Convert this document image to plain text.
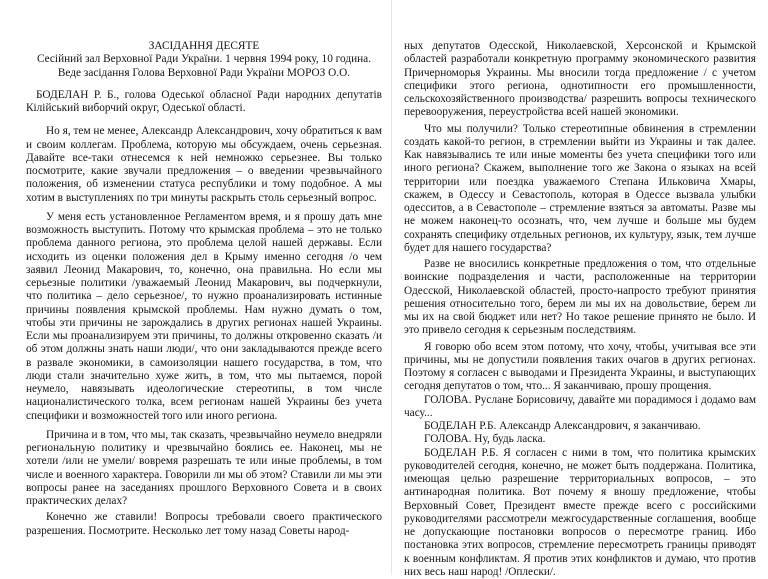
ЗАСІДАННЯ ДЕСЯТЕ

Сесійний зал Верховної Ради України. 1 червня 1994 року, 10 година.

Веде засідання Голова Верховної Ради України МОРОЗ О.О.

БОДЕЛАН Р. Б., голова Одеської обласної Ради народних депутатів Кілійський виборчий округ, Одеської області.

Но я, тем не менее, Александр Александрович, хочу обратиться к вам и своим коллегам. Проблема, которую мы обсуждаем, очень серьезная. Давайте все-таки отнесемся к ней немножко серьезнее. Вы только посмотрите, какие звучали предложения – о введении чрезвычайного положения, об изменении статуса республики и тому подобное. А мы хотим в выступлениях по три минуты раскрыть столь серьезный вопрос.

У меня есть установленное Регламентом время, и я прошу дать мне возможность выступить. Потому что крымская проблема – это не только проблема данного региона, это проблема целой нашей державы. Если исходить из оценки положения дел в Крыму именно сегодня /о чем заявил Леонид Макарович, то, конечно, она правильна. Но если мы серьезные политики /уважаемый Леонид Макарович, вы подчеркнули, что политика – дело серьезное/, то нужно проанализировать истинные причины появления крымской проблемы. Нам нужно думать о том, чтобы эти причины не зарождались в других регионах нашей Украины. Если мы проанализируем эти причины, то должны откровенно сказать /и об этом должны знать наши люди/, что они закладываются прежде всего в развале экономики, в самоизоляции нашего государства, в том, что люди стали значительно хуже жить, в том, что мы пытаемся, порой неумело, навязывать идеологические стереотипы, в том числе националистического толка, всем регионам нашей Украины без учета специфики и возможностей того или иного региона.

Причина и в том, что мы, так сказать, чрезвычайно неумело внедряли региональную политику и чрезвычайно боялись ее. Наконец, мы не хотели /или не умели/ вовремя разрешать те или иные проблемы, в том числе и военного характера. Говорили ли мы об этом? Ставили ли мы эти вопросы ранее на заседаниях прошлого Верховного Совета и в своих практических делах?

Конечно же ставили! Вопросы требовали своего практического разрешения. Посмотрите. Несколько лет тому назад Советы народ-

ных депутатов Одесской, Николаевской, Херсонской и Крымской областей разработали конкретную программу экономического развития Причерноморья Украины. Мы вносили тогда предложение / с учетом специфики этого региона, однотипности его промышленности, сельскохозяйственного производства/ разрешить вопросы технического перевооружения, переустройства всей нашей экономики.

Что мы получили? Только стереотипные обвинения в стремлении создать какой-то регион, в стремлении выйти из Украины и так далее. Как навязывались те или иные моменты без учета специфики того или иного региона? Скажем, выполнение того же Закона о языках на всей территории или поездка уважаемого Степана Ильковича Хмары, скажем, в Одессу и Севастополь, которая в Одессе вызвала улыбки одесситов, а в Севастополе – стремление взяться за автоматы. Разве мы не можем наконец-то осознать, что, чем лучше и больше мы будем сохранять специфику отдельных регионов, их культуру, язык, тем лучше будет для нашего государства?

Разве не вносились конкретные предложения о том, что отдельные воинские подразделения и части, расположенные на территории Одесской, Николаевской областей, просто-напросто требуют принятия решения относительно того, берем ли мы их на довольствие, берем ли мы их на свой бюджет или нет? Но такое решение принято не было. И это привело сегодня к серьезным последствиям.

Я говорю обо всем этом потому, что хочу, чтобы, учитывая все эти причины, мы не допустили появления таких очагов в других регионах. Поэтому я согласен с выводами и Президента Украины, и выступающих сегодня депутатов о том, что... Я заканчиваю, прошу прощения.

ГОЛОВА. Руслане Борисовичу, давайте ми порадимося і додамо вам часу...

БОДЕЛАН Р.Б. Александр Александрович, я заканчиваю.

ГОЛОВА. Ну, будь ласка.

БОДЕЛАН Р.Б. Я согласен с ними в том, что политика крымских руководителей сегодня, конечно, не может быть поддержана. Политика, имеющая целью разрешение территориальных вопросов, – это антинародная политика. Вот почему я вношу предложение, чтобы Верховный Совет, Президент вместе прежде всего с российскими руководителями рассмотрели межгосударственные соглашения, вообще не допускающие постановки вопросов о пересмотре границ. Ибо постановка этих вопросов, стремление пересмотреть границы приводят к военным конфликтам. Я против этих конфликтов и думаю, что против них весь наш народ! /Оплески/.
